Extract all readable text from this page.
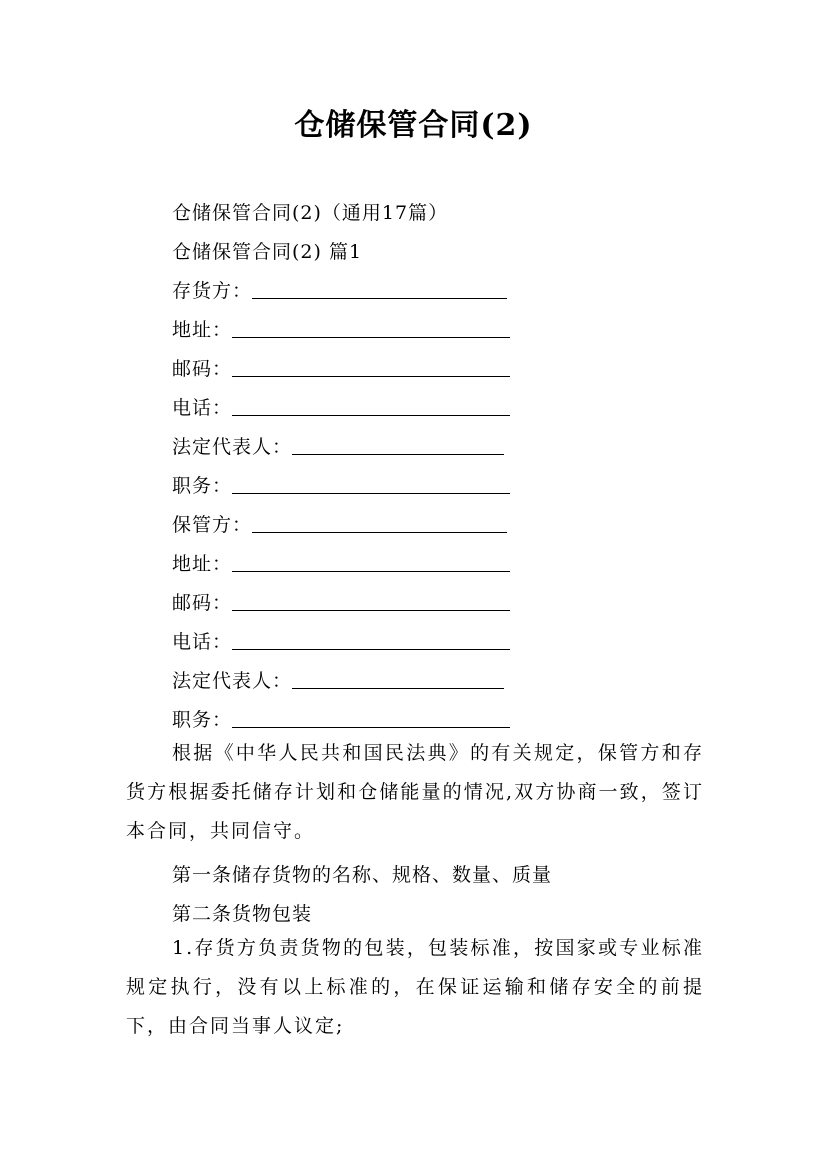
仓储保管合同(2)
仓储保管合同(2)（通用17篇）
仓储保管合同(2) 篇1
存货方：
地址：
邮码：
电话：
法定代表人：
职务：
保管方：
地址：
邮码：
电话：
法定代表人：
职务：
根据《中华人民共和国民法典》的有关规定，保管方和存货方根据委托储存计划和仓储能量的情况,双方协商一致，签订本合同，共同信守。
第一条储存货物的名称、规格、数量、质量
第二条货物包装
1.存货方负责货物的包装，包装标准，按国家或专业标准规定执行，没有以上标准的，在保证运输和储存安全的前提下，由合同当事人议定;
